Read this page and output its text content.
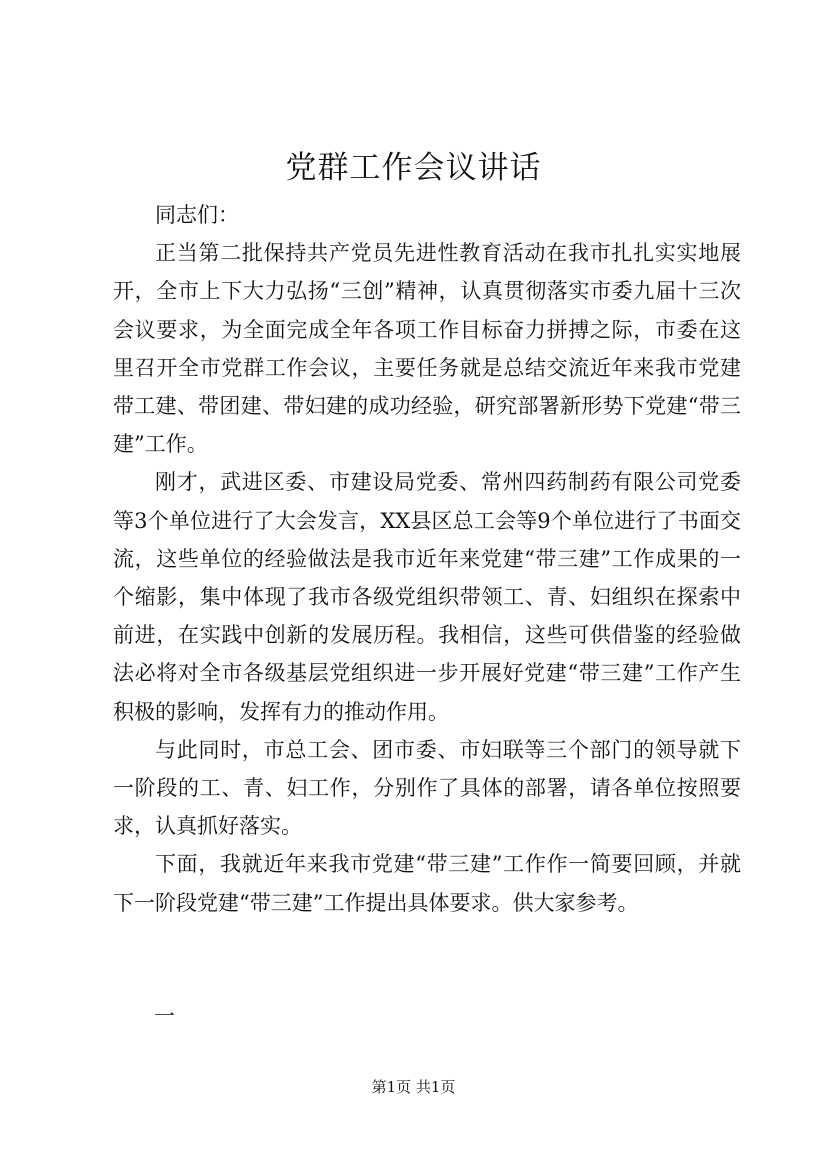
党群工作会议讲话

同志们：

正当第二批保持共产党员先进性教育活动在我市扎扎实实地展开，全市上下大力弘扬“三创”精神，认真贯彻落实市委九届十三次会议要求，为全面完成全年各项工作目标奋力拼搏之际，市委在这里召开全市党群工作会议，主要任务就是总结交流近年来我市党建带工建、带团建、带妇建的成功经验，研究部署新形势下党建“带三建”工作。

刚才，武进区委、市建设局党委、常州四药制药有限公司党委等3个单位进行了大会发言，XX县区总工会等9个单位进行了书面交流，这些单位的经验做法是我市近年来党建“带三建”工作成果的一个缩影，集中体现了我市各级党组织带领工、青、妇组织在探索中前进，在实践中创新的发展历程。我相信，这些可供借鉴的经验做法必将对全市各级基层党组织进一步开展好党建“带三建”工作产生积极的影响，发挥有力的推动作用。

与此同时，市总工会、团市委、市妇联等三个部门的领导就下一阶段的工、青、妇工作，分别作了具体的部署，请各单位按照要求，认真抓好落实。

下面，我就近年来我市党建“带三建”工作作一简要回顾，并就下一阶段党建“带三建”工作提出具体要求。供大家参考。

一
第1页 共1页
